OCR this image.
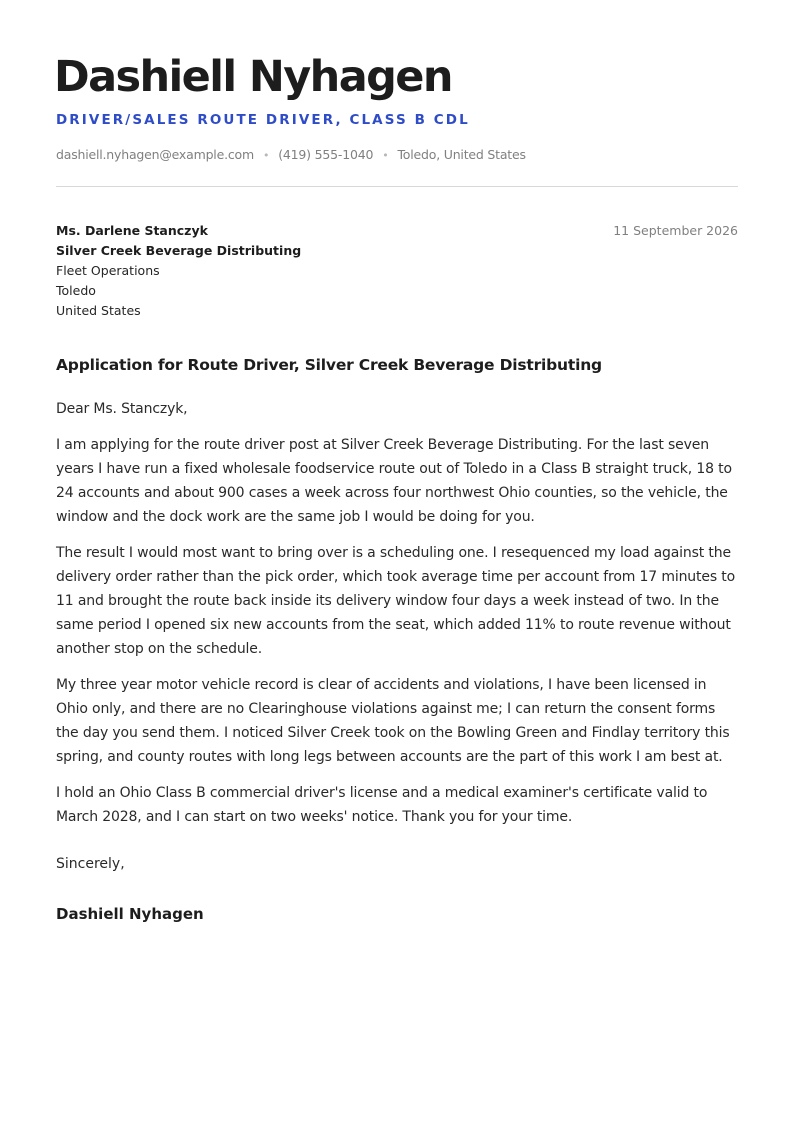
Dashiell Nyhagen
DRIVER/SALES ROUTE DRIVER, CLASS B CDL
dashiell.nyhagen@example.com • (419) 555-1040 • Toledo, United States
Ms. Darlene Stanczyk
Silver Creek Beverage Distributing
Fleet Operations
Toledo
United States
11 September 2026
Application for Route Driver, Silver Creek Beverage Distributing

Dear Ms. Stanczyk,

I am applying for the route driver post at Silver Creek Beverage Distributing. For the last seven years I have run a fixed wholesale foodservice route out of Toledo in a Class B straight truck, 18 to 24 accounts and about 900 cases a week across four northwest Ohio counties, so the vehicle, the window and the dock work are the same job I would be doing for you.

The result I would most want to bring over is a scheduling one. I resequenced my load against the delivery order rather than the pick order, which took average time per account from 17 minutes to 11 and brought the route back inside its delivery window four days a week instead of two. In the same period I opened six new accounts from the seat, which added 11% to route revenue without another stop on the schedule.

My three year motor vehicle record is clear of accidents and violations, I have been licensed in Ohio only, and there are no Clearinghouse violations against me; I can return the consent forms the day you send them. I noticed Silver Creek took on the Bowling Green and Findlay territory this spring, and county routes with long legs between accounts are the part of this work I am best at.

I hold an Ohio Class B commercial driver's license and a medical examiner's certificate valid to March 2028, and I can start on two weeks' notice. Thank you for your time.

Sincerely,
Dashiell Nyhagen
